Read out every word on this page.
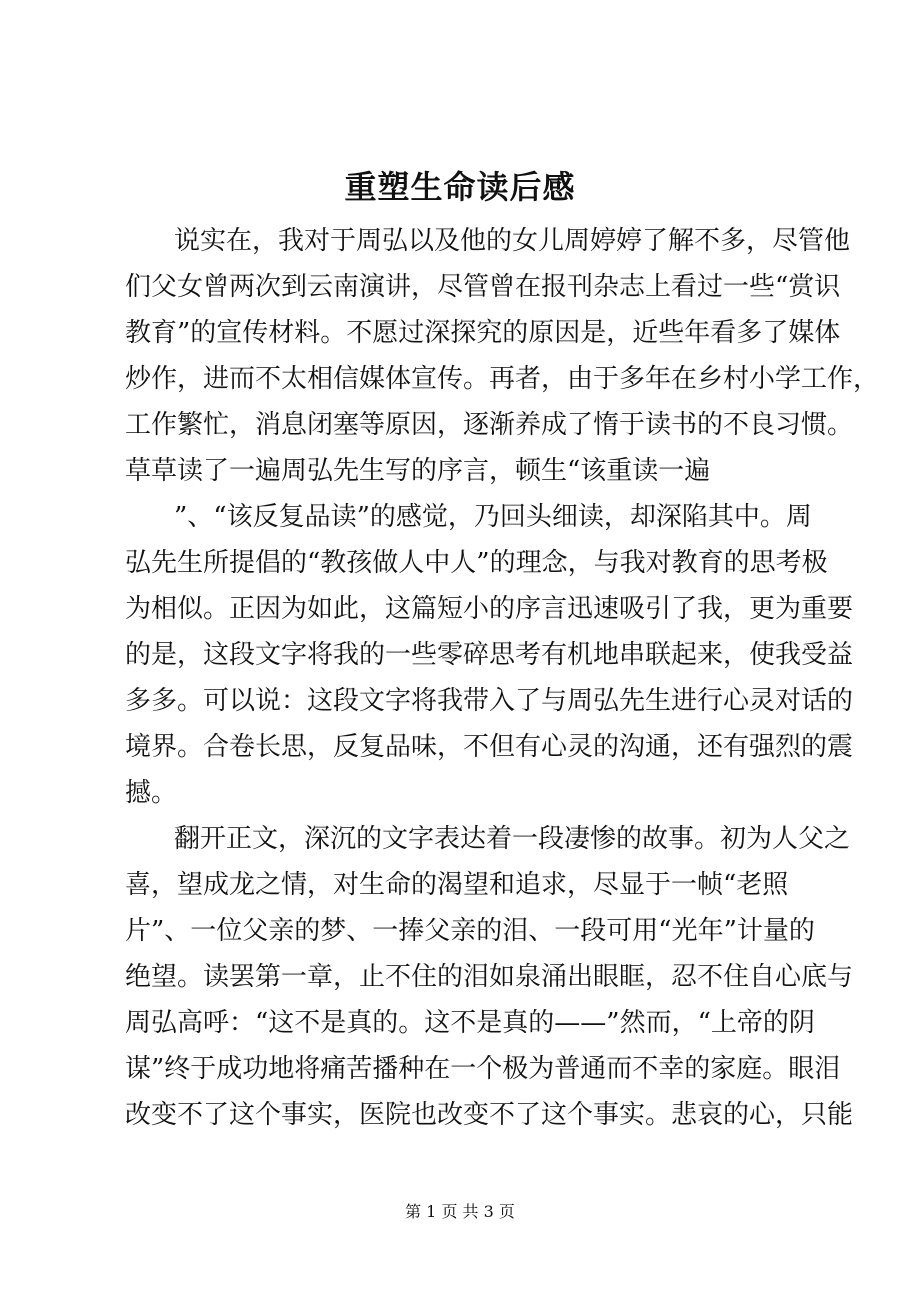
重塑生命读后感

说实在，我对于周弘以及他的女儿周婷婷了解不多，尽管他

们父女曾两次到云南演讲，尽管曾在报刊杂志上看过一些“赏识

教育”的宣传材料。不愿过深探究的原因是，近些年看多了媒体

炒作，进而不太相信媒体宣传。再者，由于多年在乡村小学工作，

工作繁忙，消息闭塞等原因，逐渐养成了惰于读书的不良习惯。

草草读了一遍周弘先生写的序言，顿生“该重读一遍

”、“该反复品读”的感觉，乃回头细读，却深陷其中。周

弘先生所提倡的“教孩做人中人”的理念，与我对教育的思考极

为相似。正因为如此，这篇短小的序言迅速吸引了我，更为重要

的是，这段文字将我的一些零碎思考有机地串联起来，使我受益

多多。可以说：这段文字将我带入了与周弘先生进行心灵对话的

境界。合卷长思，反复品味，不但有心灵的沟通，还有强烈的震

撼。

翻开正文，深沉的文字表达着一段凄惨的故事。初为人父之

喜，望成龙之情，对生命的渴望和追求，尽显于一帧“老照

片”、一位父亲的梦、一捧父亲的泪、一段可用“光年”计量的

绝望。读罢第一章，止不住的泪如泉涌出眼眶，忍不住自心底与

周弘高呼：“这不是真的。这不是真的——”然而，“上帝的阴

谋”终于成功地将痛苦播种在一个极为普通而不幸的家庭。眼泪

改变不了这个事实，医院也改变不了这个事实。悲哀的心，只能

第 1 页 共 3 页
